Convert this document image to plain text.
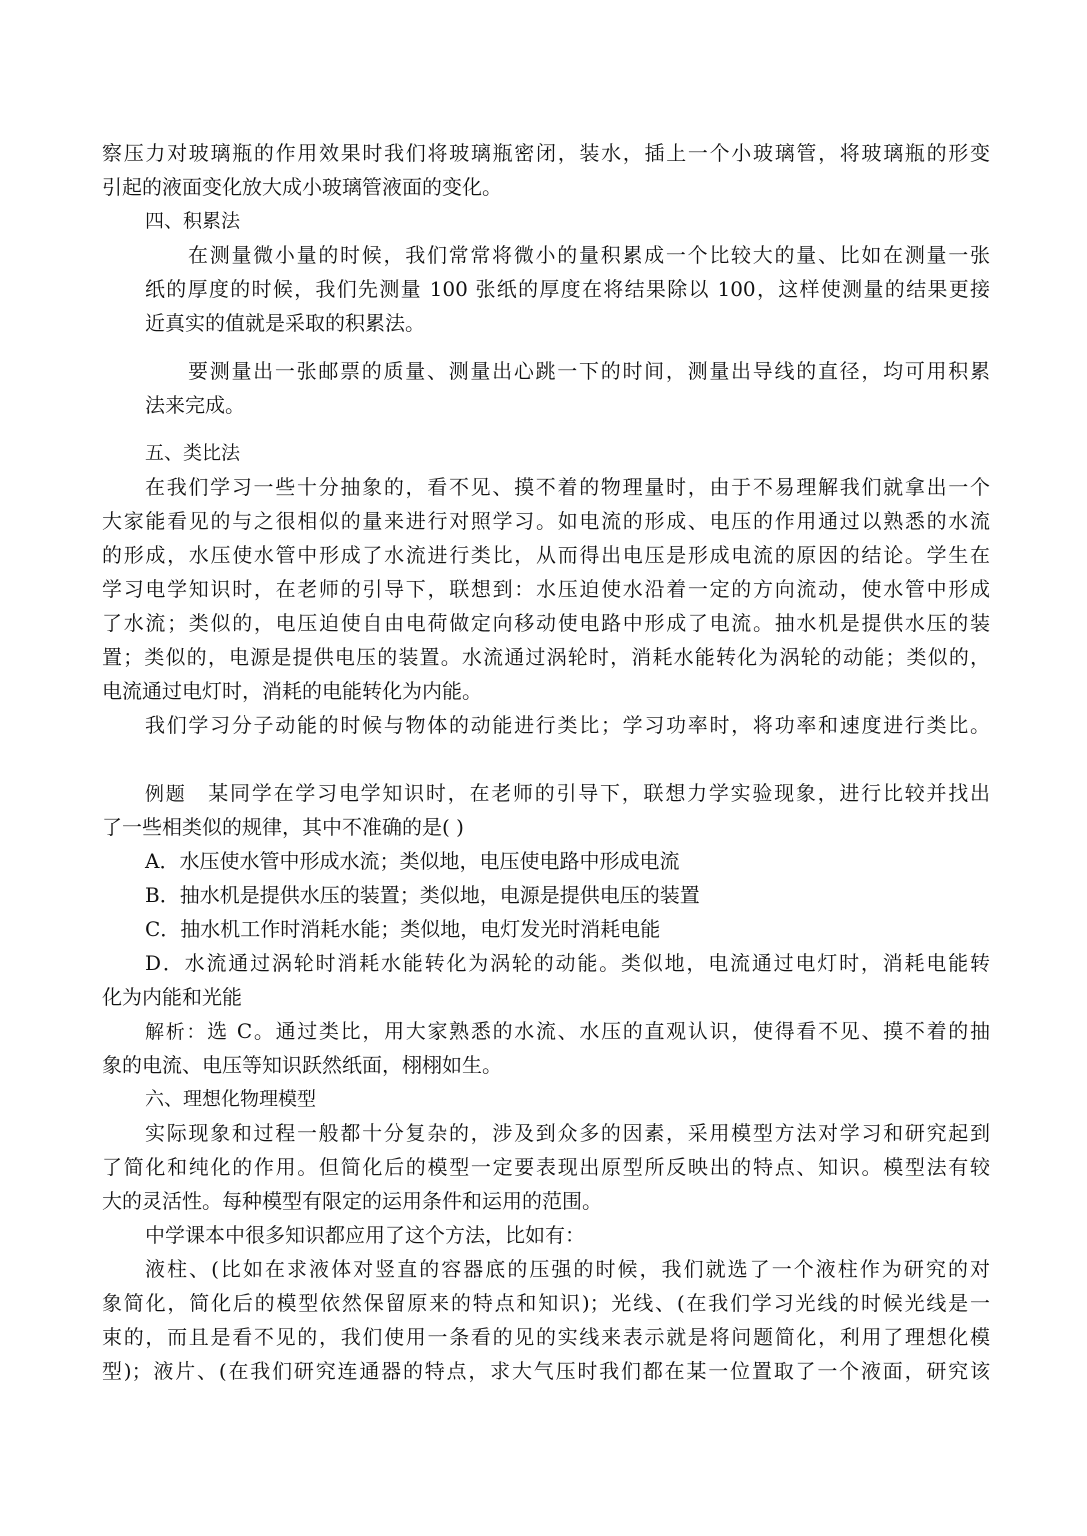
察压力对玻璃瓶的作用效果时我们将玻璃瓶密闭，装水，插上一个小玻璃管，将玻璃瓶的形变
引起的液面变化放大成小玻璃管液面的变化。
四、积累法
在测量微小量的时候，我们常常将微小的量积累成一个比较大的量、比如在测量一张
纸的厚度的时候，我们先测量 100 张纸的厚度在将结果除以 100，这样使测量的结果更接
近真实的值就是采取的积累法。
要测量出一张邮票的质量、测量出心跳一下的时间，测量出导线的直径，均可用积累
法来完成。
五、类比法
在我们学习一些十分抽象的，看不见、摸不着的物理量时，由于不易理解我们就拿出一个
大家能看见的与之很相似的量来进行对照学习。如电流的形成、电压的作用通过以熟悉的水流
的形成，水压使水管中形成了水流进行类比，从而得出电压是形成电流的原因的结论。学生在
学习电学知识时，在老师的引导下，联想到：水压迫使水沿着一定的方向流动，使水管中形成
了水流；类似的，电压迫使自由电荷做定向移动使电路中形成了电流。抽水机是提供水压的装
置；类似的，电源是提供电压的装置。水流通过涡轮时，消耗水能转化为涡轮的动能；类似的，
电流通过电灯时，消耗的电能转化为内能。
我们学习分子动能的时候与物体的动能进行类比；学习功率时，将功率和速度进行类比。
例题　 某同学在学习电学知识时，在老师的引导下，联想力学实验现象，进行比较并找出
了一些相类似的规律，其中不准确的是( )
A．水压使水管中形成水流；类似地，电压使电路中形成电流
B．抽水机是提供水压的装置；类似地，电源是提供电压的装置
C．抽水机工作时消耗水能；类似地，电灯发光时消耗电能
D．水流通过涡轮时消耗水能转化为涡轮的动能。类似地，电流通过电灯时，消耗电能转
化为内能和光能
解析：选 C。通过类比，用大家熟悉的水流、水压的直观认识，使得看不见、摸不着的抽
象的电流、电压等知识跃然纸面，栩栩如生。
六、理想化物理模型
实际现象和过程一般都十分复杂的，涉及到众多的因素，采用模型方法对学习和研究起到
了简化和纯化的作用。但简化后的模型一定要表现出原型所反映出的特点、知识。模型法有较
大的灵活性。每种模型有限定的运用条件和运用的范围。
中学课本中很多知识都应用了这个方法，比如有：
液柱、(比如在求液体对竖直的容器底的压强的时候，我们就选了一个液柱作为研究的对
象简化，简化后的模型依然保留原来的特点和知识)；光线、(在我们学习光线的时候光线是一
束的，而且是看不见的，我们使用一条看的见的实线来表示就是将问题简化，利用了理想化模
型)；液片、(在我们研究连通器的特点，求大气压时我们都在某一位置取了一个液面，研究该
